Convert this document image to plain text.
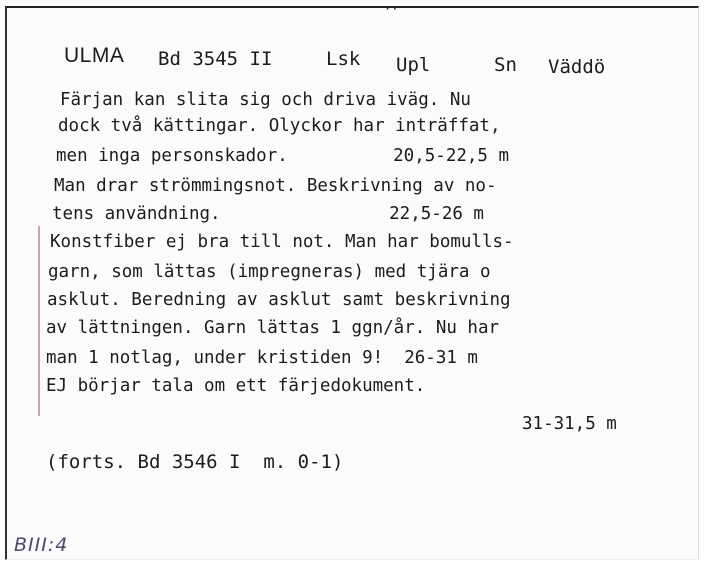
··
ULMA Bd 3545 II	Lsk Upl	Sn Väddö
Färjan kan slita sig och driva iväg. Nu
dock två kättingar. Olyckor har inträffat,
men inga personskador.          20,5-22,5 m
Man drar strömmingsnot. Beskrivning av no-
tens användning.                22,5-26 m
Konstfiber ej bra till not. Man har bomulls-
garn, som lättas (impregneras) med tjära o
asklut. Beredning av asklut samt beskrivning
av lättningen. Garn lättas 1 ggn/år. Nu har
man 1 notlag, under kristiden 9!  26-31 m
EJ börjar tala om ett färjedokument.
31-31,5 m
(forts. Bd 3546 I  m. 0-1)
BIII:4
